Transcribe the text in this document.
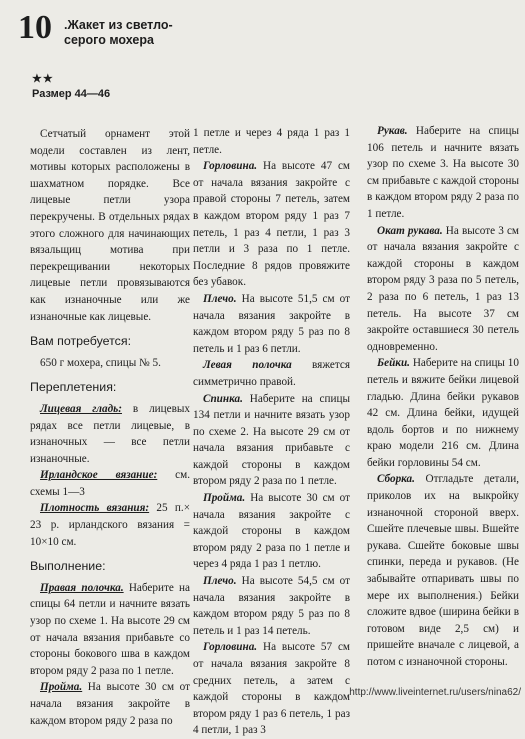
10 .Жакет из светло-
серого мохера
★★
Размер 44—46

Сетчатый орнамент этой модели составлен из лент, мотивы которых расположены в шахматном порядке. Все лицевые петли узора перекручены. В отдельных рядах этого сложного для начинающих вязальщиц мотива при перекрещивании некоторых лицевые петли провязываются как изнаночные или же изнаночные как лицевые.

Вам потребуется:

650 г мохера, спицы № 5.

Переплетения:

Лицевая гладь: в лицевых рядах все петли лицевые, в изнаночных — все петли изнаночные.

Ирландское вязание: см. схемы 1—3

Плотность вязания: 25 п.× 23 р. ирландского вязания = 10×10 см.

Выполнение:

Правая полочка. Наберите на спицы 64 петли и начните вязать узор по схеме 1. На высоте 29 см от начала вязания прибавьте со стороны бокового шва в каждом втором ряду 2 раза по 1 петле.

Пройма. На высоте 30 см от начала вязания закройте в каждом втором ряду 2 раза по

1 петле и через 4 ряда 1 раз 1 петле.

Горловина. На высоте 47 см от начала вязания закройте с правой стороны 7 петель, затем в каждом втором ряду 1 раз 7 петель, 1 раз 4 петли, 1 раз 3 петли и 3 раза по 1 петле. Последние 8 рядов провяжите без убавок.

Плечо. На высоте 51,5 см от начала вязания закройте в каждом втором ряду 5 раз по 8 петель и 1 раз 6 петли.

Левая полочка вяжется симметрично правой.

Спинка. Наберите на спицы 134 петли и начните вязать узор по схеме 2. На высоте 29 см от начала вязания прибавьте с каждой стороны в каждом втором ряду 2 раза по 1 петле.

Пройма. На высоте 30 см от начала вязания закройте с каждой стороны в каждом втором ряду 2 раза по 1 петле и через 4 ряда 1 раз 1 петлю.

Плечо. На высоте 54,5 см от начала вязания закройте в каждом втором ряду 5 раз по 8 петель и 1 раз 14 петель.

Горловина. На высоте 57 см от начала вязания закройте 8 средних петель, а затем с каждой стороны в каждом втором ряду 1 раз 6 петель, 1 раз 4 петли, 1 раз 3

Рукав. Наберите на спицы 106 петель и начните вязать узор по схеме 3. На высоте 30 см прибавьте с каждой стороны в каждом втором ряду 2 раза по 1 петле.

Окат рукава. На высоте 3 см от начала вязания закройте с каждой стороны в каждом втором ряду 3 раза по 5 петель, 2 раза по 6 петель, 1 раз 13 петель. На высоте 37 см закройте оставшиеся 30 петель одновременно.

Бейки. Наберите на спицы 10 петель и вяжите бейки лицевой гладью. Длина бейки рукавов 42 см. Длина бейки, идущей вдоль бортов и по нижнему краю модели 216 см. Длина бейки горловины 54 см.

Сборка. Отгладьте детали, приколов их на выкройку изнаночной стороной вверх. Сшейте плечевые швы. Вшейте рукава. Сшейте боковые швы спинки, переда и рукавов. (Не забывайте отпаривать швы по мере их выполнения.) Бейки сложите вдвое (ширина бейки в готовом виде 2,5 см) и пришейте вначале с лицевой, а потом с изнаночной стороны.

http://www.liveinternet.ru/users/nina62/
